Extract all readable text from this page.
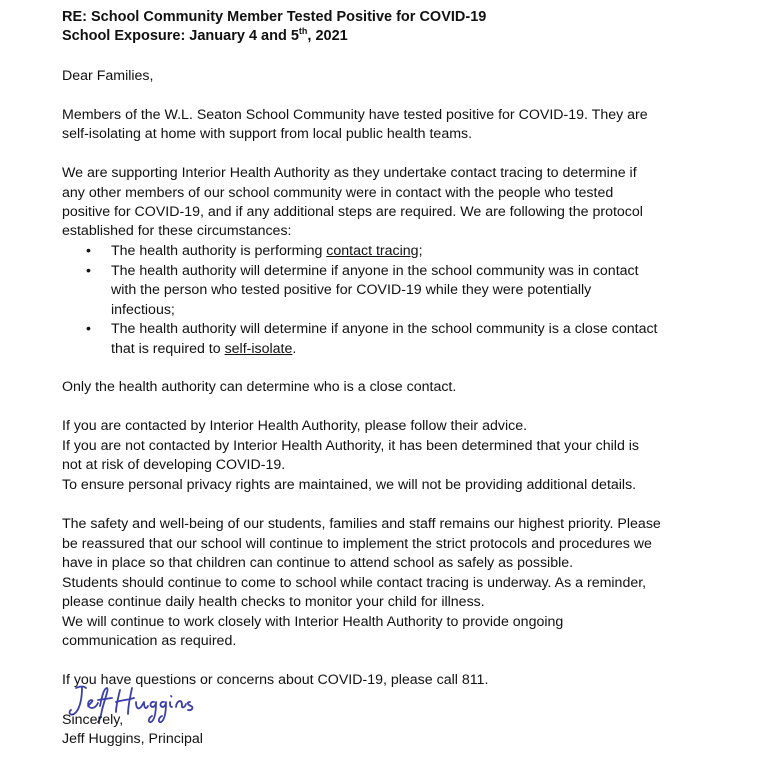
RE: School Community Member Tested Positive for COVID-19
School Exposure: January 4 and 5th, 2021
Dear Families,
Members of the W.L. Seaton School Community have tested positive for COVID-19. They are
self-isolating at home with support from local public health teams.
We are supporting Interior Health Authority as they undertake contact tracing to determine if
any other members of our school community were in contact with the people who tested
positive for COVID-19, and if any additional steps are required. We are following the protocol
established for these circumstances:
• The health authority is performing contact tracing;
• The health authority will determine if anyone in the school community was in contact
with the person who tested positive for COVID-19 while they were potentially
infectious;
• The health authority will determine if anyone in the school community is a close contact
that is required to self-isolate.
Only the health authority can determine who is a close contact.
If you are contacted by Interior Health Authority, please follow their advice.
If you are not contacted by Interior Health Authority, it has been determined that your child is
not at risk of developing COVID-19.
To ensure personal privacy rights are maintained, we will not be providing additional details.
The safety and well-being of our students, families and staff remains our highest priority. Please
be reassured that our school will continue to implement the strict protocols and procedures we
have in place so that children can continue to attend school as safely as possible.
Students should continue to come to school while contact tracing is underway. As a reminder,
please continue daily health checks to monitor your child for illness.
We will continue to work closely with Interior Health Authority to provide ongoing
communication as required.
If you have questions or concerns about COVID-19, please call 811.
Sincerely,
Jeff Huggins, Principal
